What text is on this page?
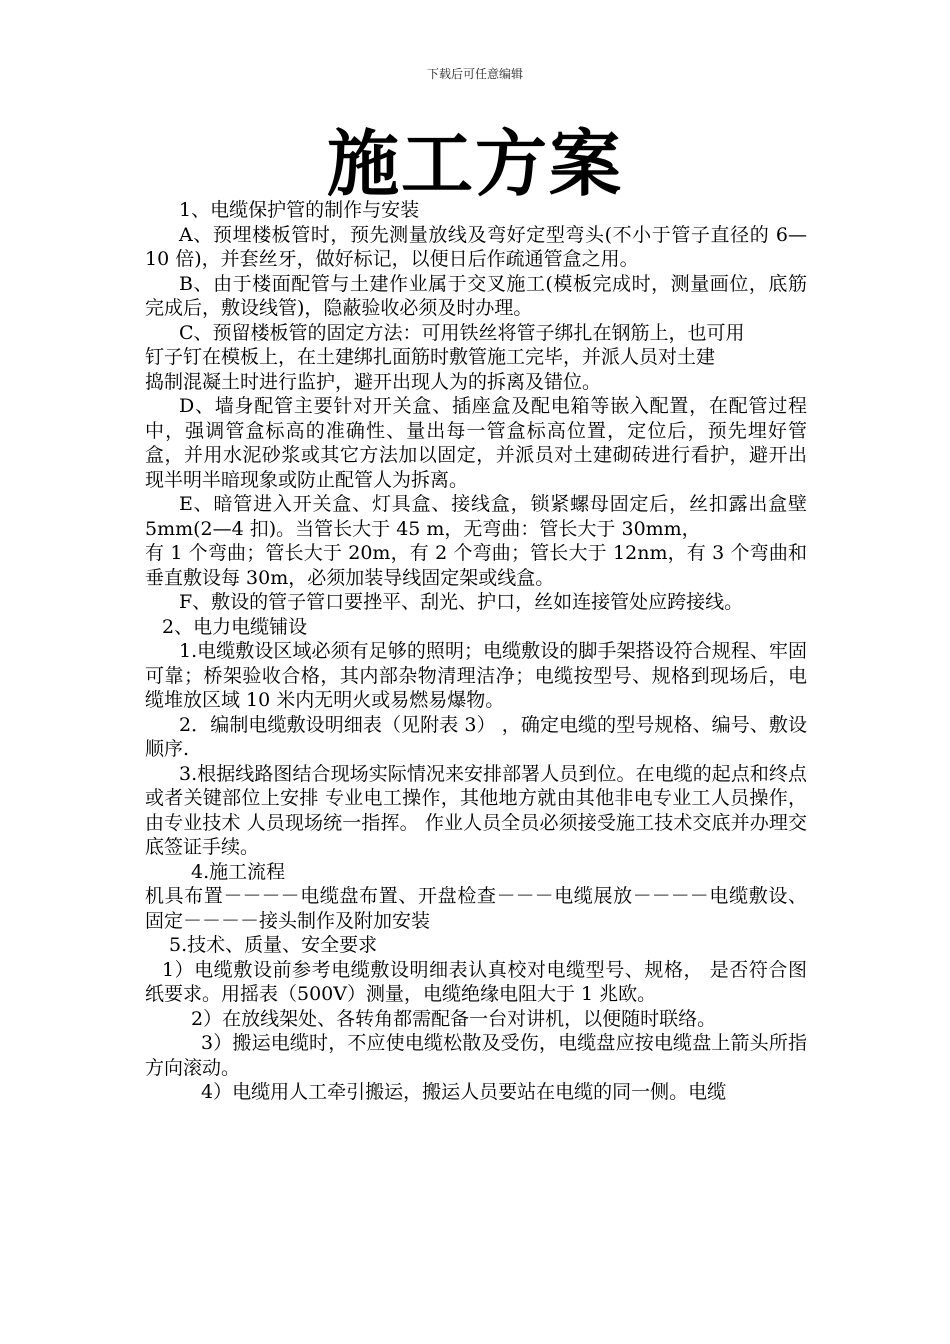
下载后可任意编辑
施工方案

1、电缆保护管的制作与安装

A、预埋楼板管时，预先测量放线及弯好定型弯头(不小于管子直径的 6—10 倍)，并套丝牙，做好标记，以便日后作疏通管盒之用。

B、由于楼面配管与土建作业属于交叉施工(模板完成时，测量画位，底筋完成后，敷设线管)，隐蔽验收必须及时办理。

C、预留楼板管的固定方法：可用铁丝将管子绑扎在钢筋上，也可用

钉子钉在模板上，在土建绑扎面筋时敷管施工完毕，并派人员对土建

捣制混凝土时进行监护，避开出现人为的拆离及错位。

D、墙身配管主要针对开关盒、插座盒及配电箱等嵌入配置，在配管过程中，强调管盒标高的准确性、量出每一管盒标高位置，定位后，预先埋好管盒，并用水泥砂浆或其它方法加以固定，并派员对土建砌砖进行看护，避开出现半明半暗现象或防止配管人为拆离。

E、暗管进入开关盒、灯具盒、接线盒，锁紧螺母固定后，丝扣露出盒壁 5mm(2—4 扣)。当管长大于 45 m，无弯曲：管长大于 30mm，

有 1 个弯曲；管长大于 20m，有 2 个弯曲；管长大于 12nm，有 3 个弯曲和垂直敷设每 30m，必须加装导线固定架或线盒。

F、敷设的管子管口要挫平、刮光、护口，丝如连接管处应跨接线。

2、电力电缆铺设

1.电缆敷设区域必须有足够的照明；电缆敷设的脚手架搭设符合规程、牢固可靠；桥架验收合格，其内部杂物清理洁净；电缆按型号、规格到现场后，电缆堆放区域 10 米内无明火或易燃易爆物。

2．编制电缆敷设明细表（见附表 3） ，确定电缆的型号规格、编号、敷设顺序.

3.根据线路图结合现场实际情况来安排部署人员到位。在电缆的起点和终点或者关键部位上安排 专业电工操作，其他地方就由其他非电专业工人员操作，由专业技术 人员现场统一指挥。 作业人员全员必须接受施工技术交底并办理交底签证手续。

4.施工流程

机具布置－－－－电缆盘布置、开盘检查－－－电缆展放－－－－电缆敷设、固定－－－－接头制作及附加安装

5.技术、质量、安全要求

1）电缆敷设前参考电缆敷设明细表认真校对电缆型号、规格， 是否符合图纸要求。用摇表（500V）测量，电缆绝缘电阻大于 1 兆欧。

2）在放线架处、各转角都需配备一台对讲机，以便随时联络。

3）搬运电缆时，不应使电缆松散及受伤，电缆盘应按电缆盘上箭头所指方向滚动。

4）电缆用人工牵引搬运，搬运人员要站在电缆的同一侧。电缆
